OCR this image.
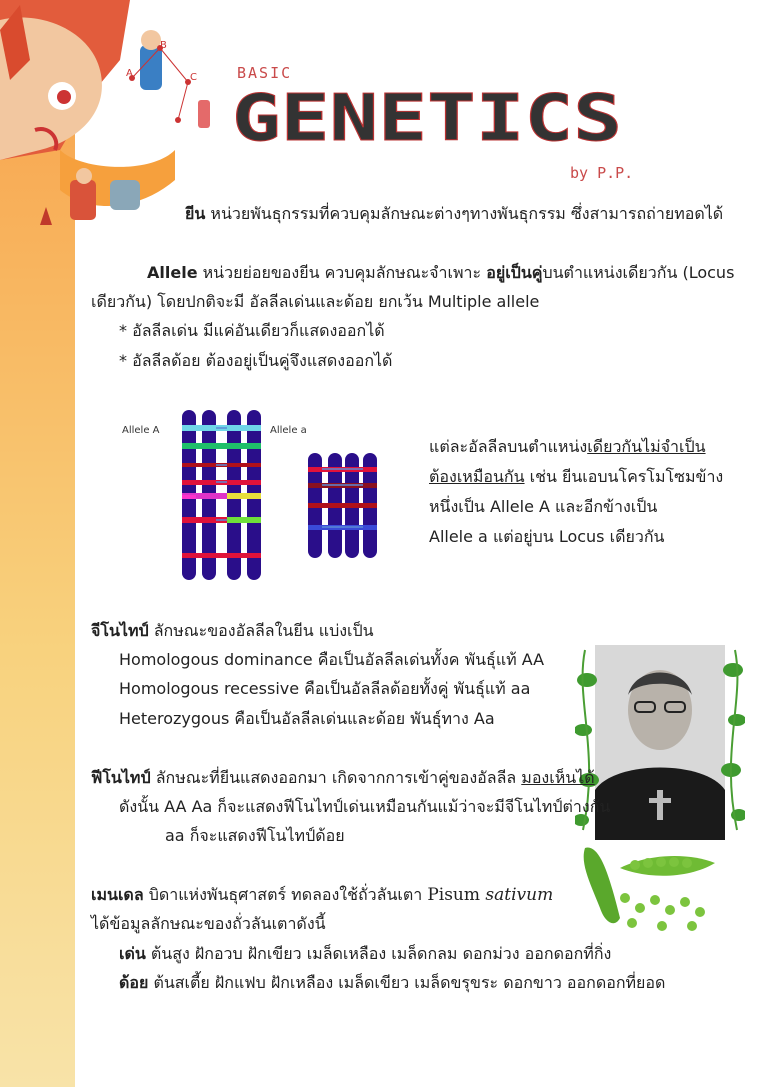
B
A	C	BASIC
GENETICS
by P.P.
ยีน หน่วยพันธุกรรมที่ควบคุมลักษณะต่างๆทางพันธุกรรม ซึ่งสามารถถ่ายทอดได้
Allele หน่วยย่อยของยีน ควบคุมลักษณะจำเพาะ อยู่เป็นคู่บนตำแหน่งเดียวกัน (Locus
เดียวกัน) โดยปกติจะมี อัลลีลเด่นและด้อย ยกเว้น Multiple allele
* อัลลีลเด่น มีแค่อันเดียวก็แสดงออกได้
* อัลลีลด้อย ต้องอยู่เป็นคู่จึงแสดงออกได้
Allele A	Allele a
แต่ละอัลลีลบนตำแหน่งเดียวกันไม่จำเป็น
ต้องเหมือนกัน เช่น ยีนเอบนโครโมโซมข้าง
หนึ่งเป็น Allele A และอีกข้างเป็น
Allele a แต่อยู่บน Locus เดียวกัน
จีโนไทป์ ลักษณะของอัลลีลในยีน แบ่งเป็น
Homologous dominance คือเป็นอัลลีลเด่นทั้งค พันธุ์แท้ AA
Homologous recessive คือเป็นอัลลีลด้อยทั้งคู่ พันธุ์แท้ aa
Heterozygous คือเป็นอัลลีลเด่นและด้อย พันธุ์ทาง Aa
ฟีโนไทป์ ลักษณะที่ยีนแสดงออกมา เกิดจากการเข้าคู่ของอัลลีล มองเห็นได้
ดังนั้น AA Aa ก็จะแสดงฟีโนไทป์เด่นเหมือนกันแม้ว่าจะมีจีโนไทป์ต่างกัน
aa ก็จะแสดงฟีโนไทป์ด้อย
เมนเดล บิดาแห่งพันธุศาสตร์ ทดลองใช้ถั่วลันเตา Pisum sativum
ได้ข้อมูลลักษณะของถั่วลันเตาดังนี้
เด่น ต้นสูง ฝักอวบ ฝักเขียว เมล็ดเหลือง เมล็ดกลม ดอกม่วง ออกดอกที่กิ่ง
ด้อย ต้นสเตี้ย ฝักแฟบ ฝักเหลือง เมล็ดเขียว เมล็ดขรุขระ ดอกขาว ออกดอกที่ยอด
